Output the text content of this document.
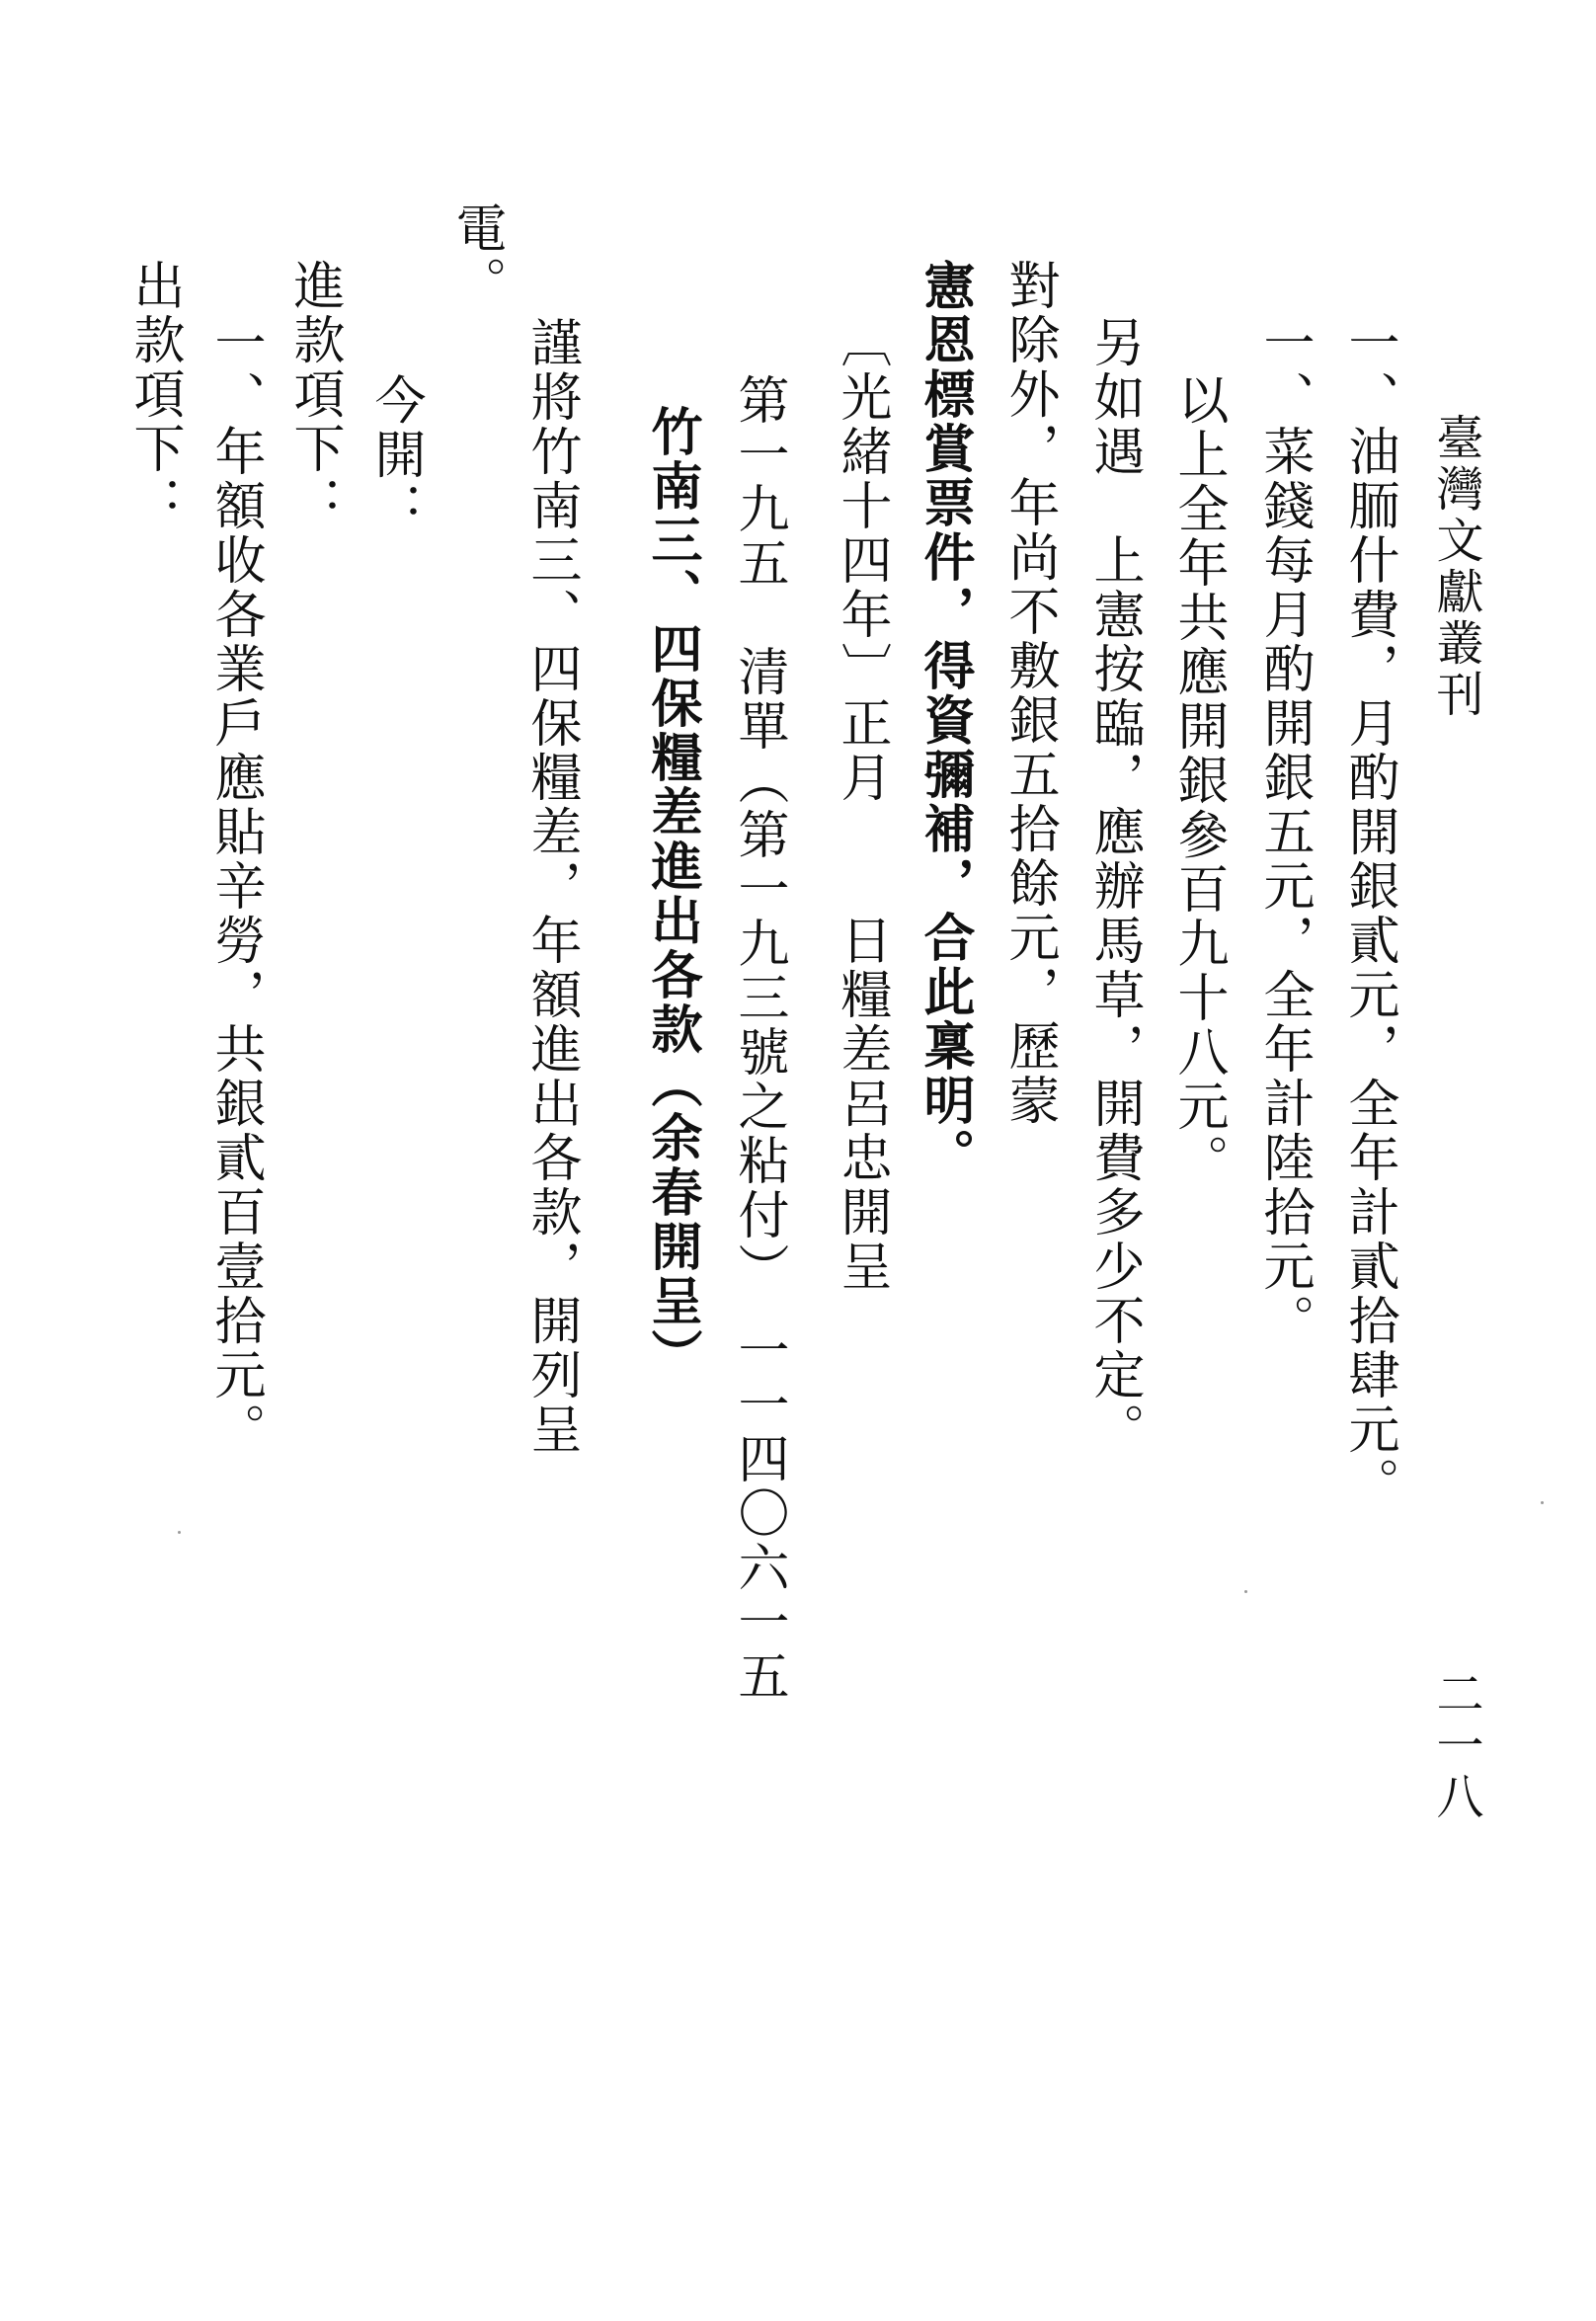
臺灣文獻叢刊
二一八
一、油胹什費，月酌開銀貳元，全年計貳拾肆元。
一、菜錢每月酌開銀五元，全年計陸拾元。
以上全年共應開銀參百九十八元。
另如遇　上憲按臨，應辦馬草，開費多少不定。
對除外，年尚不敷銀五拾餘元，歷蒙
憲恩標賞票件，得資彌補，合此稟明。
〔光緒十四年〕正月　　日糧差呂忠開呈
第一九五　清單（第一九三號之粘付）
一一四〇六一五
竹南三、四保糧差進出各款（余春開呈）
謹將竹南三、四保糧差，年額進出各款，開列呈
電。
今開：
進款項下：
一、年額收各業戶應貼辛勞，共銀貳百壹拾元。
出款項下：
